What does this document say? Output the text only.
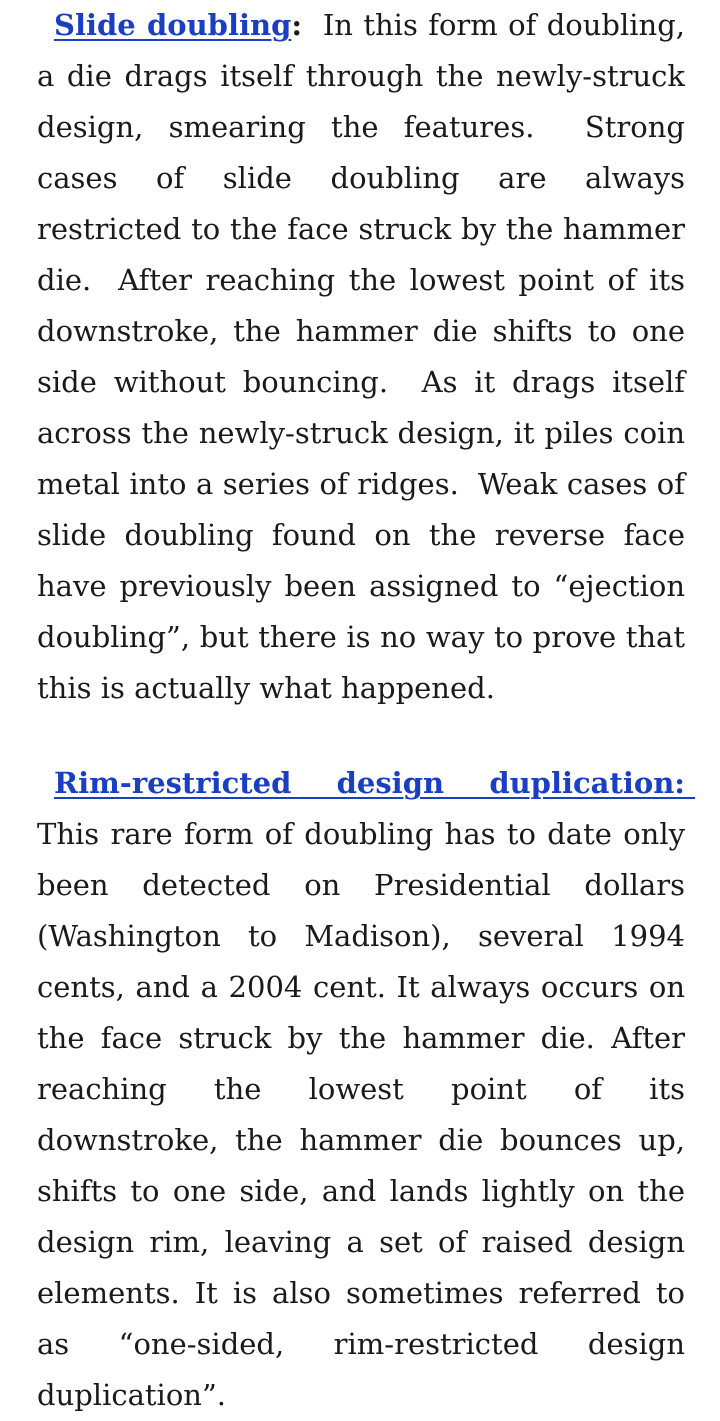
Slide doubling:  In this form of doubling, a die drags itself through the newly-struck design, smearing the features.  Strong cases of slide doubling are always restricted to the face struck by the hammer die.  After reaching the lowest point of its downstroke, the hammer die shifts to one side without bouncing.  As it drags itself across the newly-struck design, it piles coin metal into a series of ridges.  Weak cases of slide doubling found on the reverse face have previously been assigned to “ejection doubling”, but there is no way to prove that this is actually what happened.

Rim-restricted design duplication: This rare form of doubling has to date only been detected on Presidential dollars (Washington to Madison), several 1994 cents, and a 2004 cent. It always occurs on the face struck by the hammer die. After reaching the lowest point of its downstroke, the hammer die bounces up, shifts to one side, and lands lightly on the design rim, leaving a set of raised design elements. It is also sometimes referred to as “one-sided, rim-restricted design duplication”.
